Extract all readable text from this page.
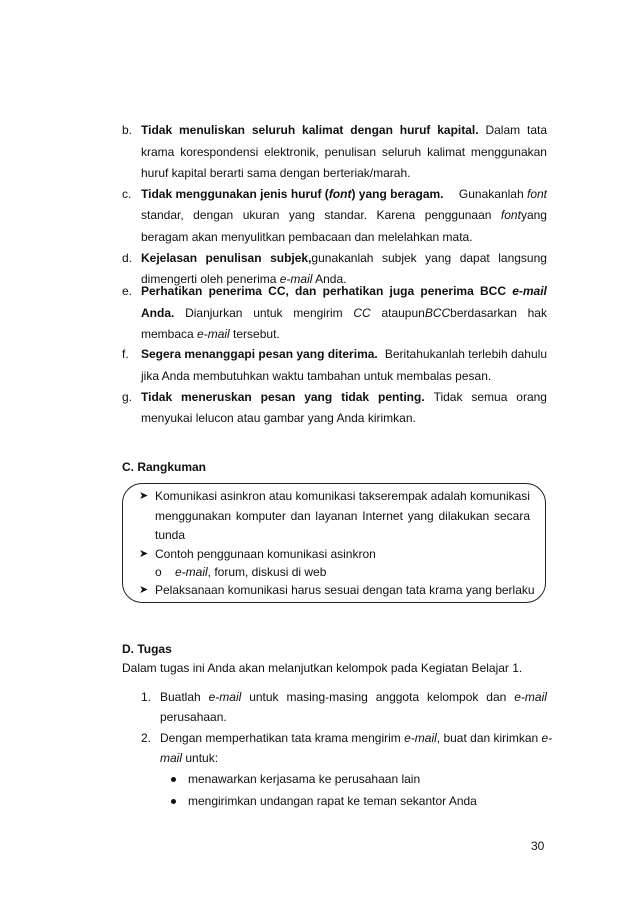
b. Tidak menuliskan seluruh kalimat dengan huruf kapital. Dalam tata
krama korespondensi elektronik, penulisan seluruh kalimat menggunakan
huruf kapital berarti sama dengan berteriak/marah.
c. Tidak menggunakan jenis huruf (font) yang beragam. Gunakanlah font
standar, dengan ukuran yang standar. Karena penggunaan fontyang
beragam akan menyulitkan pembacaan dan melelahkan mata.
d. Kejelasan penulisan subjek,gunakanlah subjek yang dapat langsung
dimengerti oleh penerima e-mail Anda.
e. Perhatikan penerima CC, dan perhatikan juga penerima BCC e-mail
Anda. Dianjurkan untuk mengirim CC ataupunBCCberdasarkan hak
membaca e-mail tersebut.
f. Segera menanggapi pesan yang diterima. Beritahukanlah terlebih dahulu
jika Anda membutuhkan waktu tambahan untuk membalas pesan.
g. Tidak meneruskan pesan yang tidak penting. Tidak semua orang
menyukai lelucon atau gambar yang Anda kirimkan.
C. Rangkuman
➤ Komunikasi asinkron atau komunikasi takserempak adalah komunikasi
menggunakan komputer dan layanan Internet yang dilakukan secara
tunda
➤ Contoh penggunaan komunikasi asinkron
o e-mail, forum, diskusi di web
➤ Pelaksanaan komunikasi harus sesuai dengan tata krama yang berlaku
D. Tugas
Dalam tugas ini Anda akan melanjutkan kelompok pada Kegiatan Belajar 1.
1. Buatlah e-mail untuk masing-masing anggota kelompok dan e-mail
perusahaan.
2. Dengan memperhatikan tata krama mengirim e-mail, buat dan kirimkan e-
mail untuk:
menawarkan kerjasama ke perusahaan lain
mengirimkan undangan rapat ke teman sekantor Anda
30
